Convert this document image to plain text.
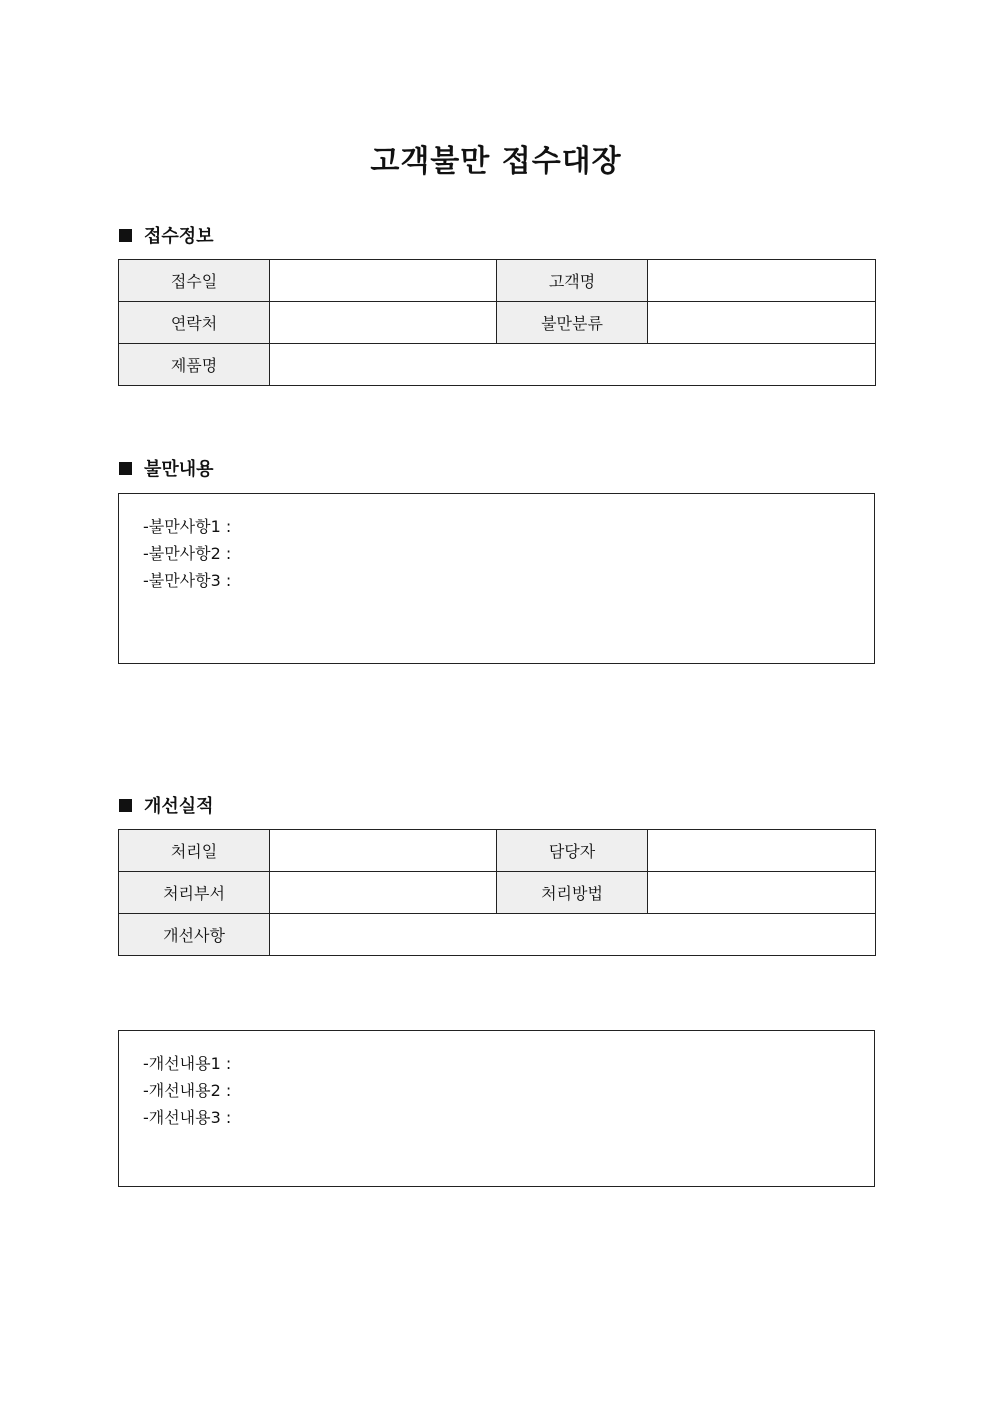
고객불만 접수대장
접수정보
접수일		고객명	
연락처		불만분류	
제품명			
불만내용
-불만사항1 :
-불만사항2 :
-불만사항3 :
개선실적
처리일		담당자	
처리부서		처리방법	
개선사항			
-개선내용1 :
-개선내용2 :
-개선내용3 :
